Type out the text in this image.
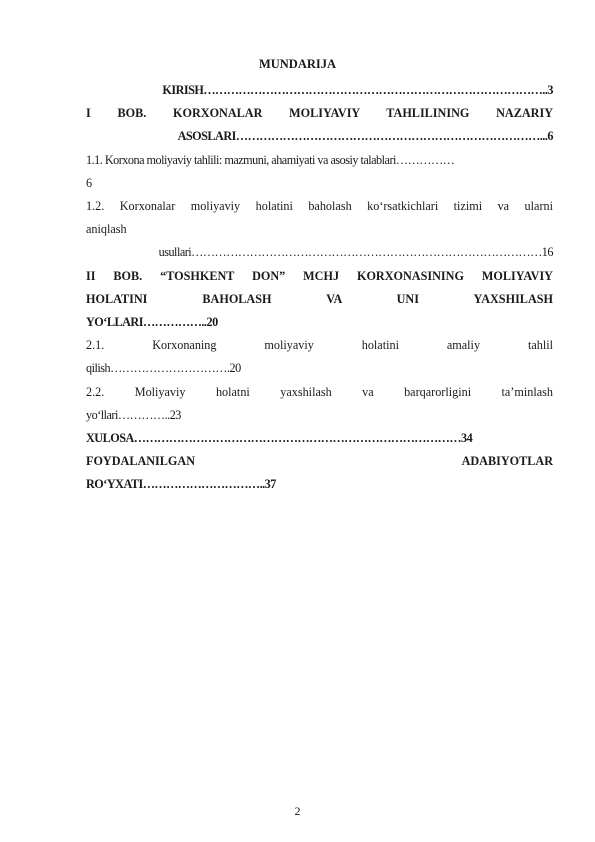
MUNDARIJA

KIRISH……………………………………………………………………………..3

I BOB. KORXONALAR MOLIYAVIY TAHLILINING NAZARIY

ASOSLARI……………………………………………………………………...6

1.1. Korxona moliyaviy tahlili: mazmuni, ahamiyati va asosiy talablari……………

6

1.2. Korxonalar moliyaviy holatini baholash ko‘rsatkichlari tizimi va ularni

aniqlash

usullari………………………………………………………………………………16

II BOB. “TOSHKENT DON” MCHJ KORXONASINING MOLIYAVIY

HOLATINI BAHOLASH VA UNI YAXSHILASH

YO‘LLARI……………..20

2.1. Korxonaning moliyaviy holatini amaliy tahlil

qilish………………………….20

2.2. Moliyaviy holatni yaxshilash va barqarorligini ta’minlash

yo‘llari…………..23

XULOSA…………………………………………………………………………34

FOYDALANILGAN ADABIYOTLAR

RO‘YXATI…………………………..37

2
